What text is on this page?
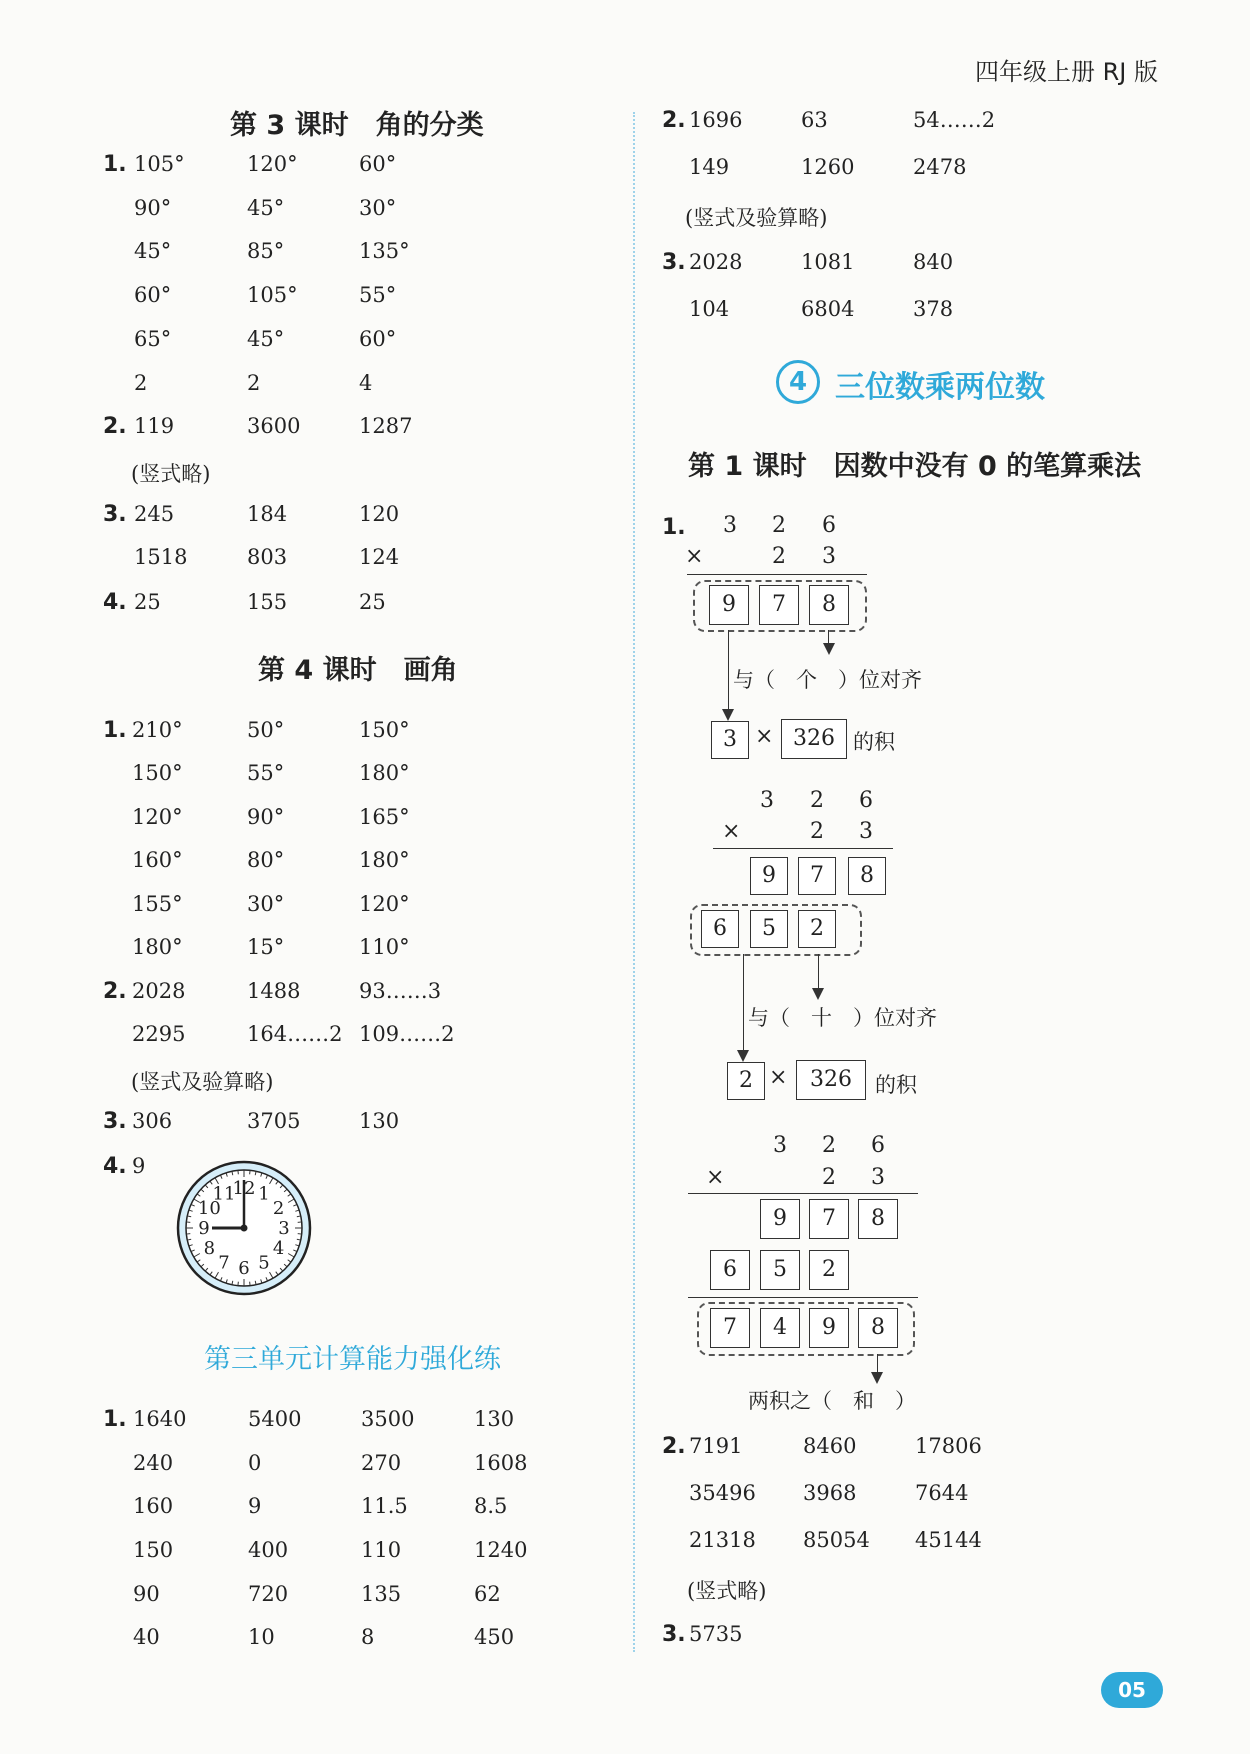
四年级上册 RJ 版
第 3 课时　角的分类
1. 105°	120°	60°
90°	45°	30°
45°	85°	135°
60°	105°	55°
65°	45°	60°
2	2	4
2. 119	3600	1287
(竖式略)
3. 245	184	120
1518	803	124
4. 25	155	25
第 4 课时　画角
1. 210°	50°	150°
150°	55°	180°
120°	90°	165°
160°	80°	180°
155°	30°	120°
180°	15°	110°
2. 2028	1488	93……3
2295	164……2 109……2
(竖式及验算略)
3. 306	3705	130
4. 9
12 1
2
3
4
5
6
7
8
9
10
11
第三单元计算能力强化练
1. 1640	5400	3500	130
240	0	270	1608
160	9	11.5	8.5
150	400	110	1240
90	720	135	62
40	10	8	450
2. 1696	63	54……2
149	1260	2478
(竖式及验算略)
3. 2028	1081	840
104	6804	378
4 三位数乘两位数
第 1 课时　因数中没有 0 的笔算乘法
1. 3 2 6
×	2 3
9	7	8
与（　个　）位对齐
3 × 326 的积
3 2 6
×	2 3
9	7	8
6	5	2
与（　十　）位对齐
2 ×	326	的积
3 2 6
×	2 3
9	7	8
6	5	2
7	4	9	8
两积之（　和　）
2. 7191	8460	17806
35496 3968	7644
21318 85054 45144
(竖式略)
3. 5735
05
